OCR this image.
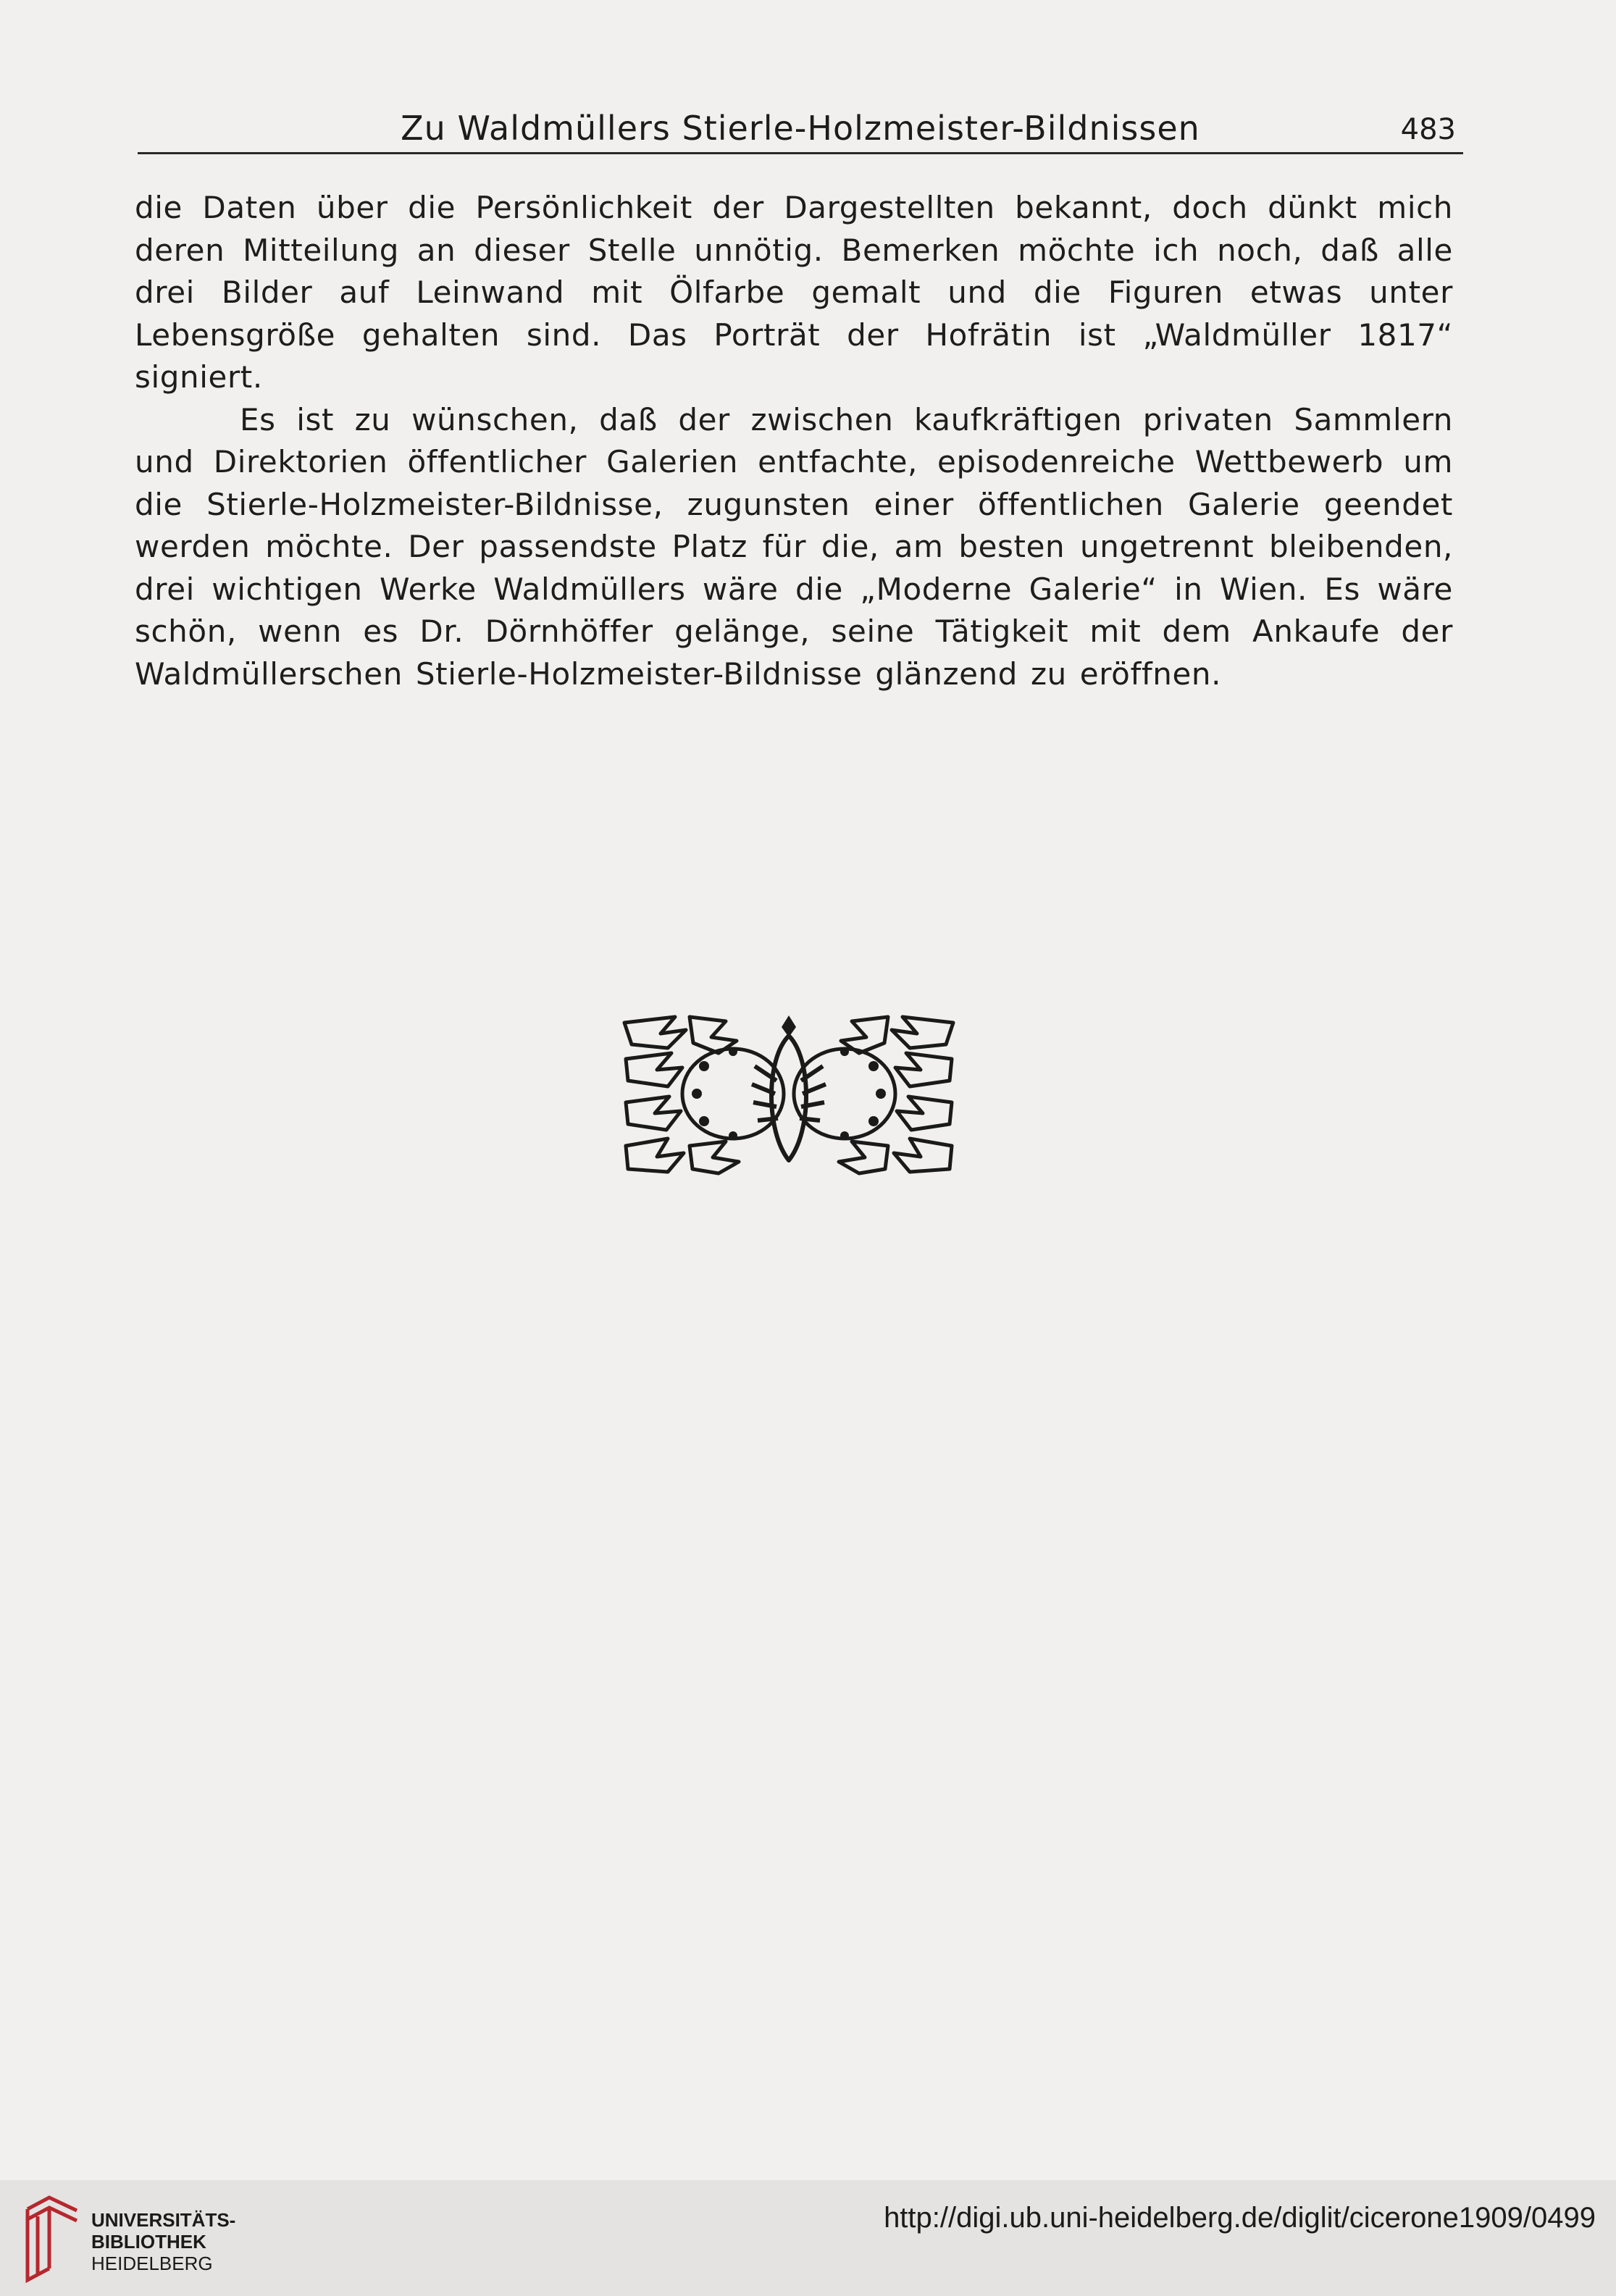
Zu Waldmüllers Stierle-Holzmeister-Bildnissen	483

die Daten über die Persönlichkeit der Dargestellten bekannt, doch dünkt mich deren Mitteilung an dieser Stelle unnötig. Bemerken möchte ich noch, daß alle drei Bilder auf Leinwand mit Ölfarbe gemalt und die Figuren etwas unter Lebensgröße gehalten sind. Das Porträt der Hofrätin ist „Waldmüller 1817“ signiert.

Es ist zu wünschen, daß der zwischen kaufkräftigen privaten Sammlern und Direktorien öffentlicher Galerien entfachte, episodenreiche Wettbewerb um die Stierle-Holzmeister-Bildnisse, zugunsten einer öffentlichen Galerie geendet werden möchte. Der passendste Platz für die, am besten ungetrennt bleibenden, drei wichtigen Werke Waldmüllers wäre die „Moderne Galerie“ in Wien. Es wäre schön, wenn es Dr. Dörnhöffer gelänge, seine Tätigkeit mit dem Ankaufe der Waldmüllerschen Stierle-Holzmeister-Bildnisse glänzend zu eröffnen.

UNIVERSITÄTS-
BIBLIOTHEK
HEIDELBERG
http://digi.ub.uni-heidelberg.de/diglit/cicerone1909/0499
